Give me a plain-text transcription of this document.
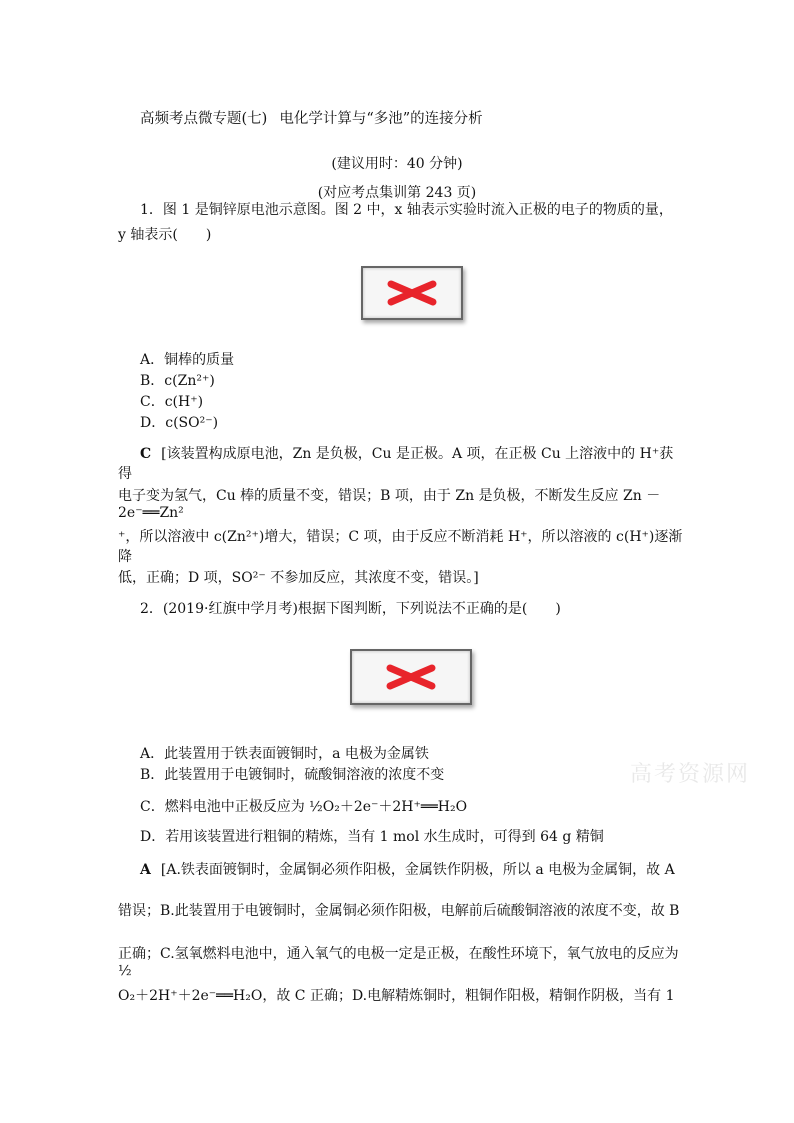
高频考点微专题(七) 电化学计算与“多池”的连接分析
(建议用时：40 分钟)
(对应考点集训第 243 页)
1．图 1 是铜锌原电池示意图。图 2 中，x 轴表示实验时流入正极的电子的物质的量，y 轴表示(　　)
A．铜棒的质量
B．c(Zn²⁺)
C．c(H⁺)
D．c(SO²⁻)
C [该装置构成原电池，Zn 是负极，Cu 是正极。A 项，在正极 Cu 上溶液中的 H⁺获得
电子变为氢气，Cu 棒的质量不变，错误；B 项，由于 Zn 是负极，不断发生反应 Zn －2e⁻══Zn²
⁺，所以溶液中 c(Zn²⁺)增大，错误；C 项，由于反应不断消耗 H⁺，所以溶液的 c(H⁺)逐渐降
低，正确；D 项，SO²⁻ 不参加反应，其浓度不变，错误。]
2．(2019·红旗中学月考)根据下图判断，下列说法不正确的是(　　)
A．此装置用于铁表面镀铜时，a 电极为金属铁
B．此装置用于电镀铜时，硫酸铜溶液的浓度不变
C．燃料电池中正极反应为 ½O₂＋2e⁻＋2H⁺══H₂O
D．若用该装置进行粗铜的精炼，当有 1 mol 水生成时，可得到 64 g 精铜
A [A.铁表面镀铜时，金属铜必须作阳极，金属铁作阴极，所以 a 电极为金属铜，故 A
错误；B.此装置用于电镀铜时，金属铜必须作阳极，电解前后硫酸铜溶液的浓度不变，故 B
正确；C.氢氧燃料电池中，通入氧气的电极一定是正极，在酸性环境下，氧气放电的反应为 ½
O₂＋2H⁺＋2e⁻══H₂O，故 C 正确；D.电解精炼铜时，粗铜作阳极，精铜作阴极，当有 1
高考资源网
